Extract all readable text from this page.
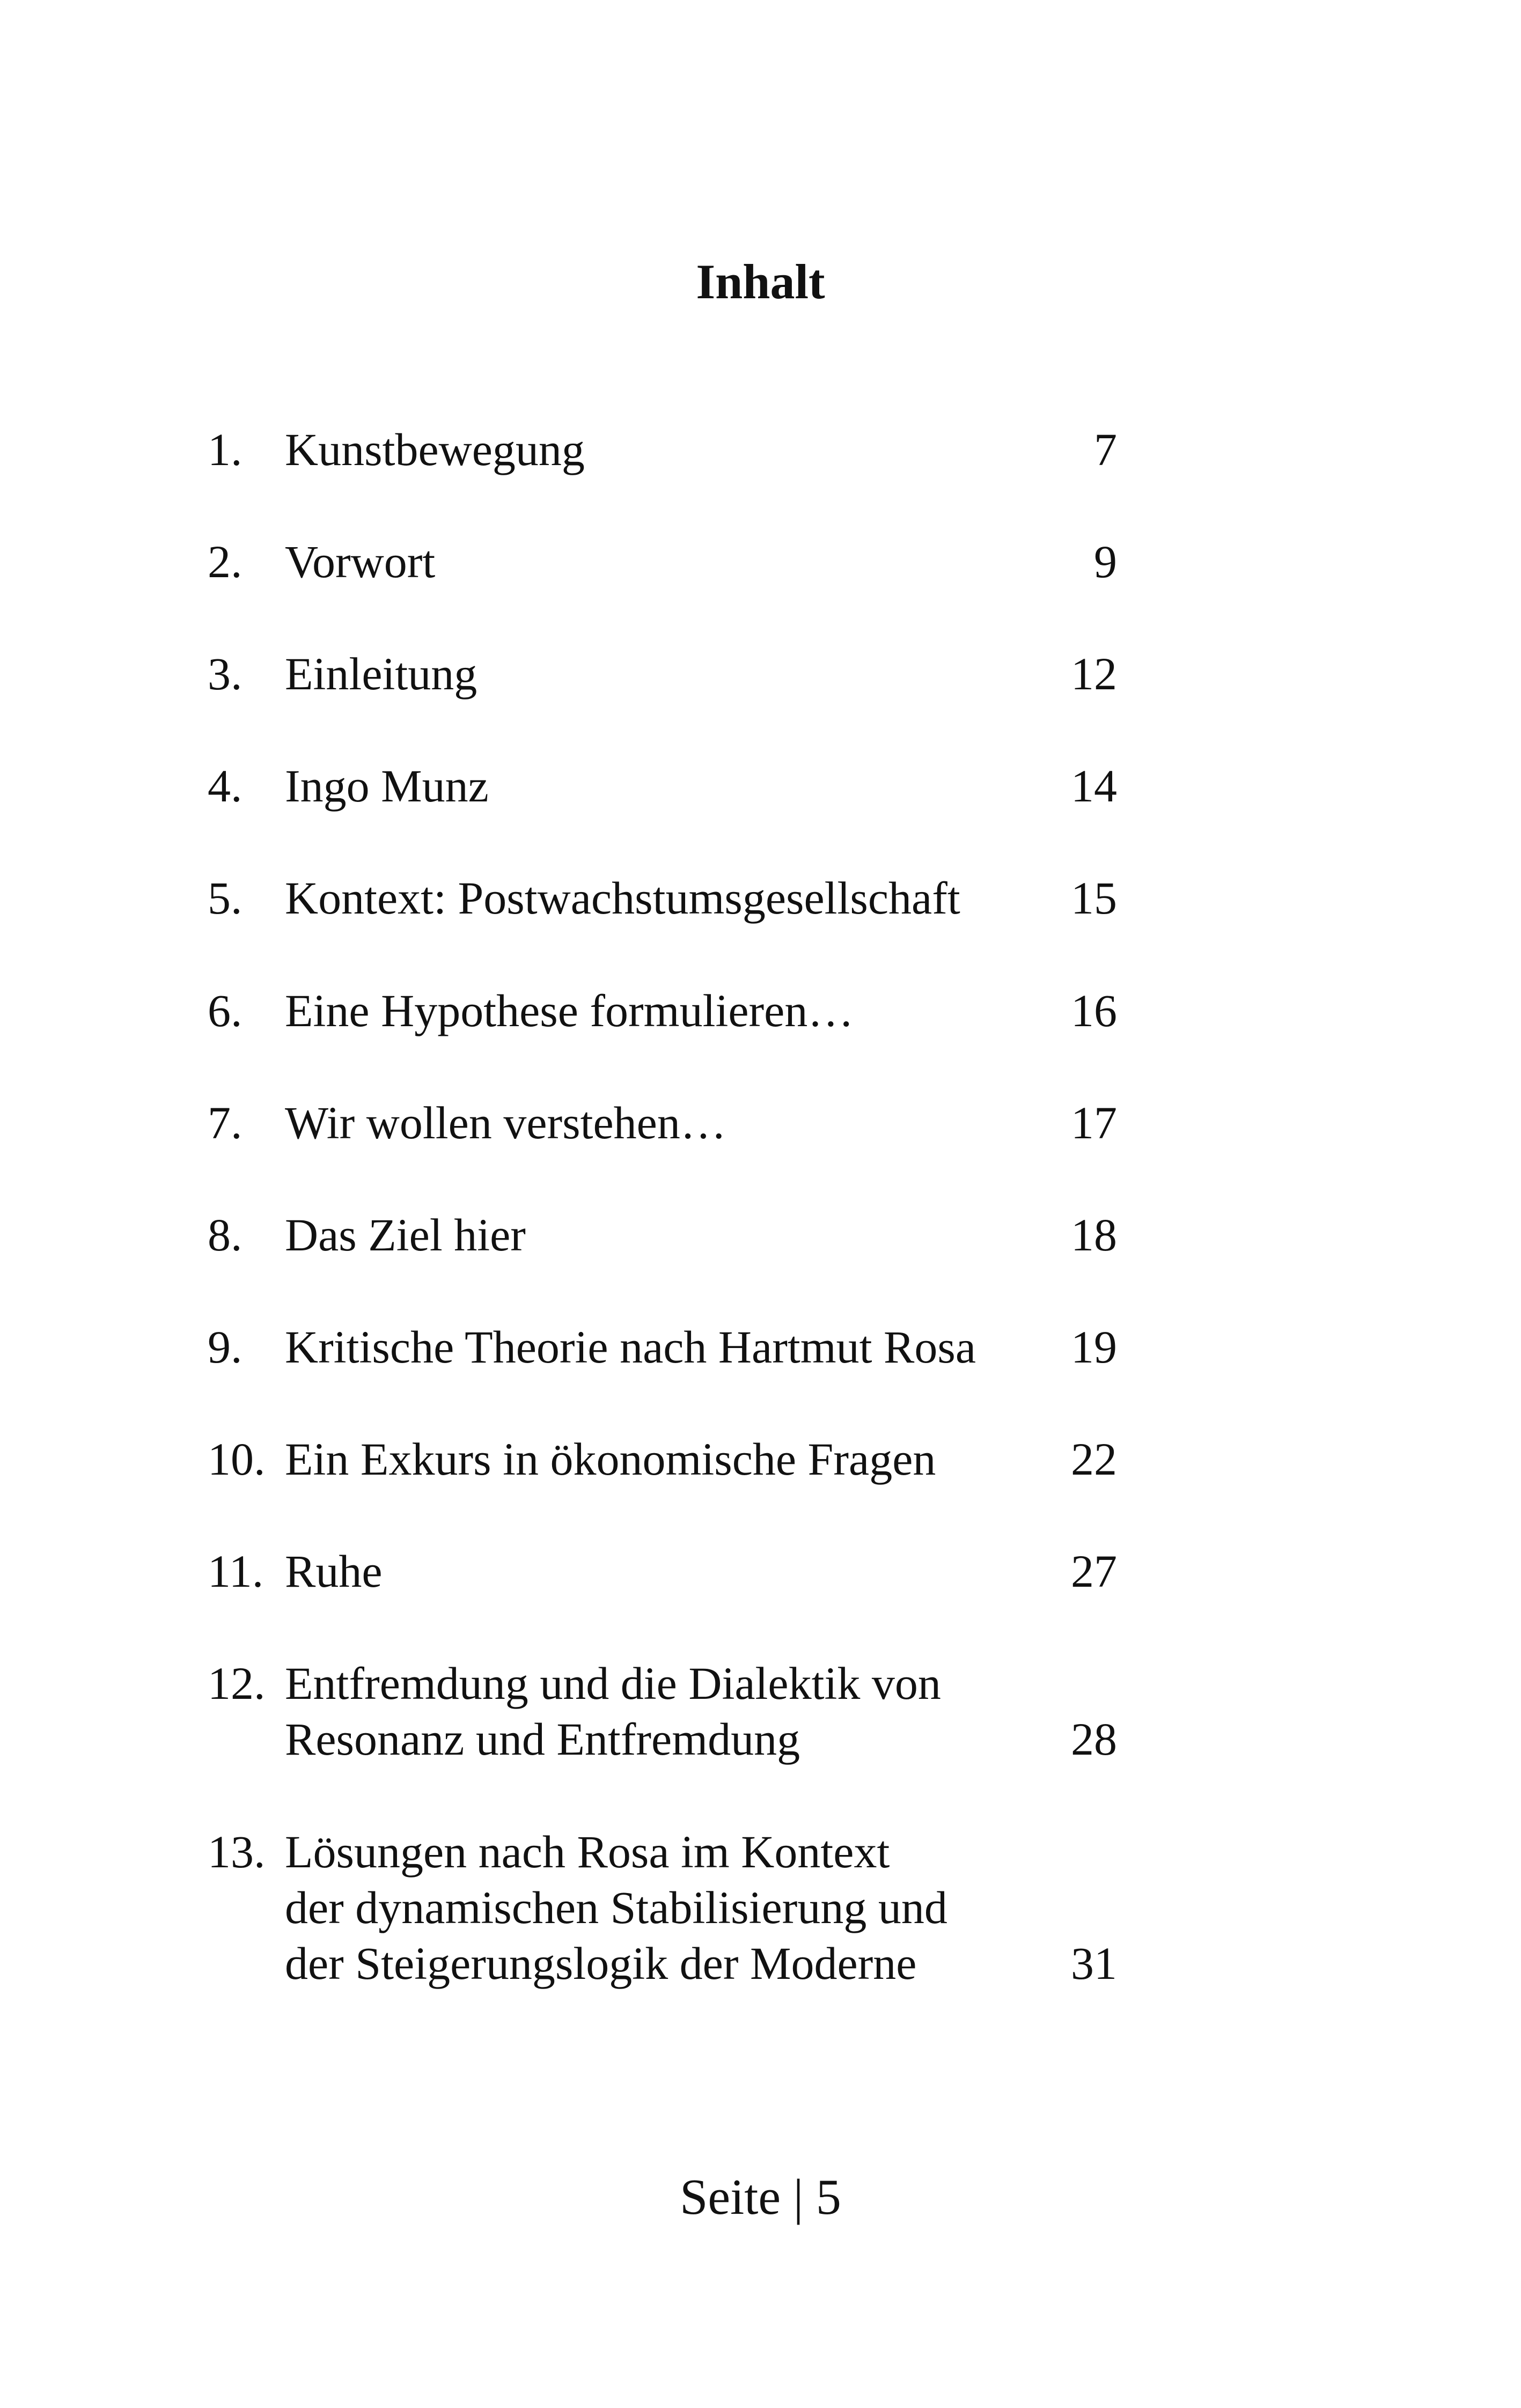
Inhalt
1. Kunstbewegung	7
2. Vorwort	9
3. Einleitung	12
4. Ingo Munz	14
5. Kontext: Postwachstumsgesellschaft 15
6. Eine Hypothese formulieren…	16
7. Wir wollen verstehen…	17
8. Das Ziel hier	18
9. Kritische Theorie nach Hartmut Rosa 19
10. Ein Exkurs in ökonomische Fragen	22
11. Ruhe	27
12. Entfremdung und die Dialektik von
Resonanz und Entfremdung	28
13. Lösungen nach Rosa im Kontext
der dynamischen Stabilisierung und
der Steigerungslogik der Moderne	31
Seite | 5
